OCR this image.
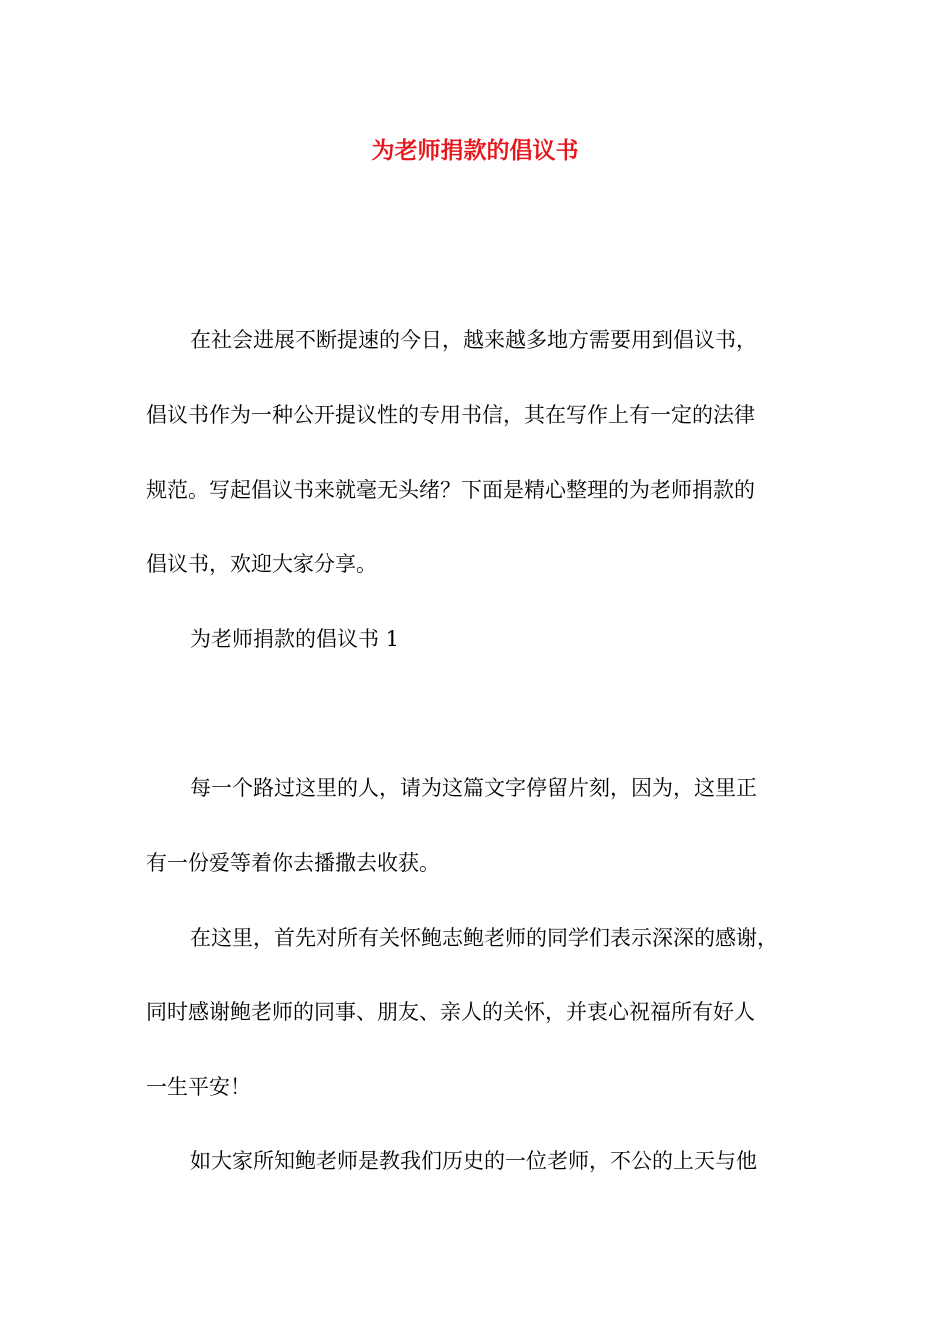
为老师捐款的倡议书

在社会进展不断提速的今日，越来越多地方需要用到倡议书，

倡议书作为一种公开提议性的专用书信，其在写作上有一定的法律

规范。写起倡议书来就毫无头绪？下面是精心整理的为老师捐款的

倡议书，欢迎大家分享。

为老师捐款的倡议书 1

每一个路过这里的人，请为这篇文字停留片刻，因为，这里正

有一份爱等着你去播撒去收获。

在这里，首先对所有关怀鲍志鲍老师的同学们表示深深的感谢，

同时感谢鲍老师的同事、朋友、亲人的关怀，并衷心祝福所有好人

一生平安！

如大家所知鲍老师是教我们历史的一位老师，不公的上天与他
